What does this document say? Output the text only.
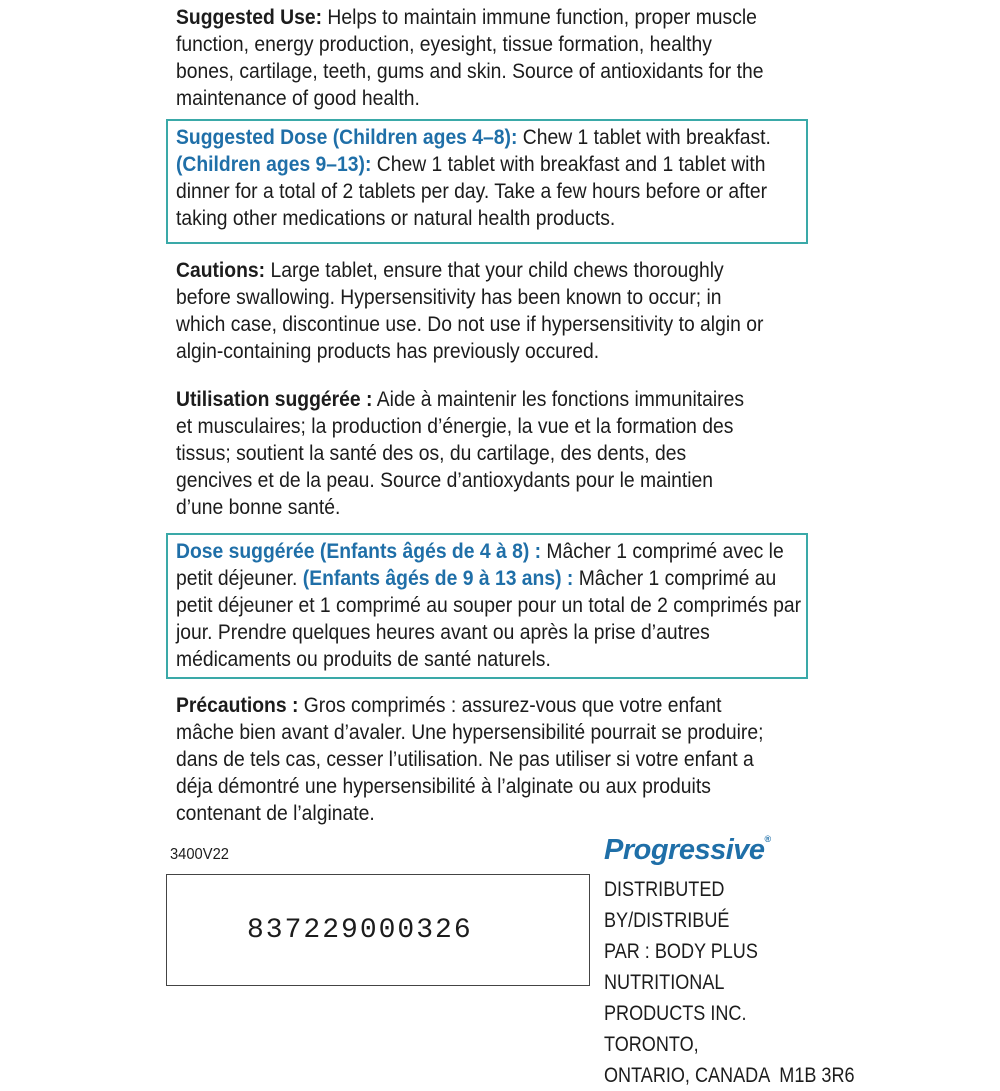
Suggested Use: Helps to maintain immune function, proper muscle function, energy production, eyesight, tissue formation, healthy bones, cartilage, teeth, gums and skin. Source of antioxidants for the maintenance of good health.
Suggested Dose (Children ages 4–8): Chew 1 tablet with breakfast. (Children ages 9–13): Chew 1 tablet with breakfast and 1 tablet with dinner for a total of 2 tablets per day. Take a few hours before or after taking other medications or natural health products.
Cautions: Large tablet, ensure that your child chews thoroughly before swallowing. Hypersensitivity has been known to occur; in which case, discontinue use. Do not use if hypersensitivity to algin or algin-containing products has previously occured.
Utilisation suggérée : Aide à maintenir les fonctions immunitaires et musculaires; la production d’énergie, la vue et la formation des tissus; soutient la santé des os, du cartilage, des dents, des gencives et de la peau. Source d’antioxydants pour le maintien d’une bonne santé.
Dose suggérée (Enfants âgés de 4 à 8) : Mâcher 1 comprimé avec le petit déjeuner. (Enfants âgés de 9 à 13 ans) : Mâcher 1 comprimé au petit déjeuner et 1 comprimé au souper pour un total de 2 comprimés par jour. Prendre quelques heures avant ou après la prise d’autres médicaments ou produits de santé naturels.
Précautions : Gros comprimés : assurez-vous que votre enfant mâche bien avant d’avaler. Une hypersensibilité pourrait se produire; dans de tels cas, cesser l’utilisation. Ne pas utiliser si votre enfant a déja démontré une hypersensibilité à l’alginate ou aux produits contenant de l’alginate.
3400V22
837229000326
Progressive®
DISTRIBUTED BY/DISTRIBUÉ
PAR : BODY PLUS NUTRITIONAL
PRODUCTS INC. TORONTO,
ONTARIO, CANADA  M1B 3R6
